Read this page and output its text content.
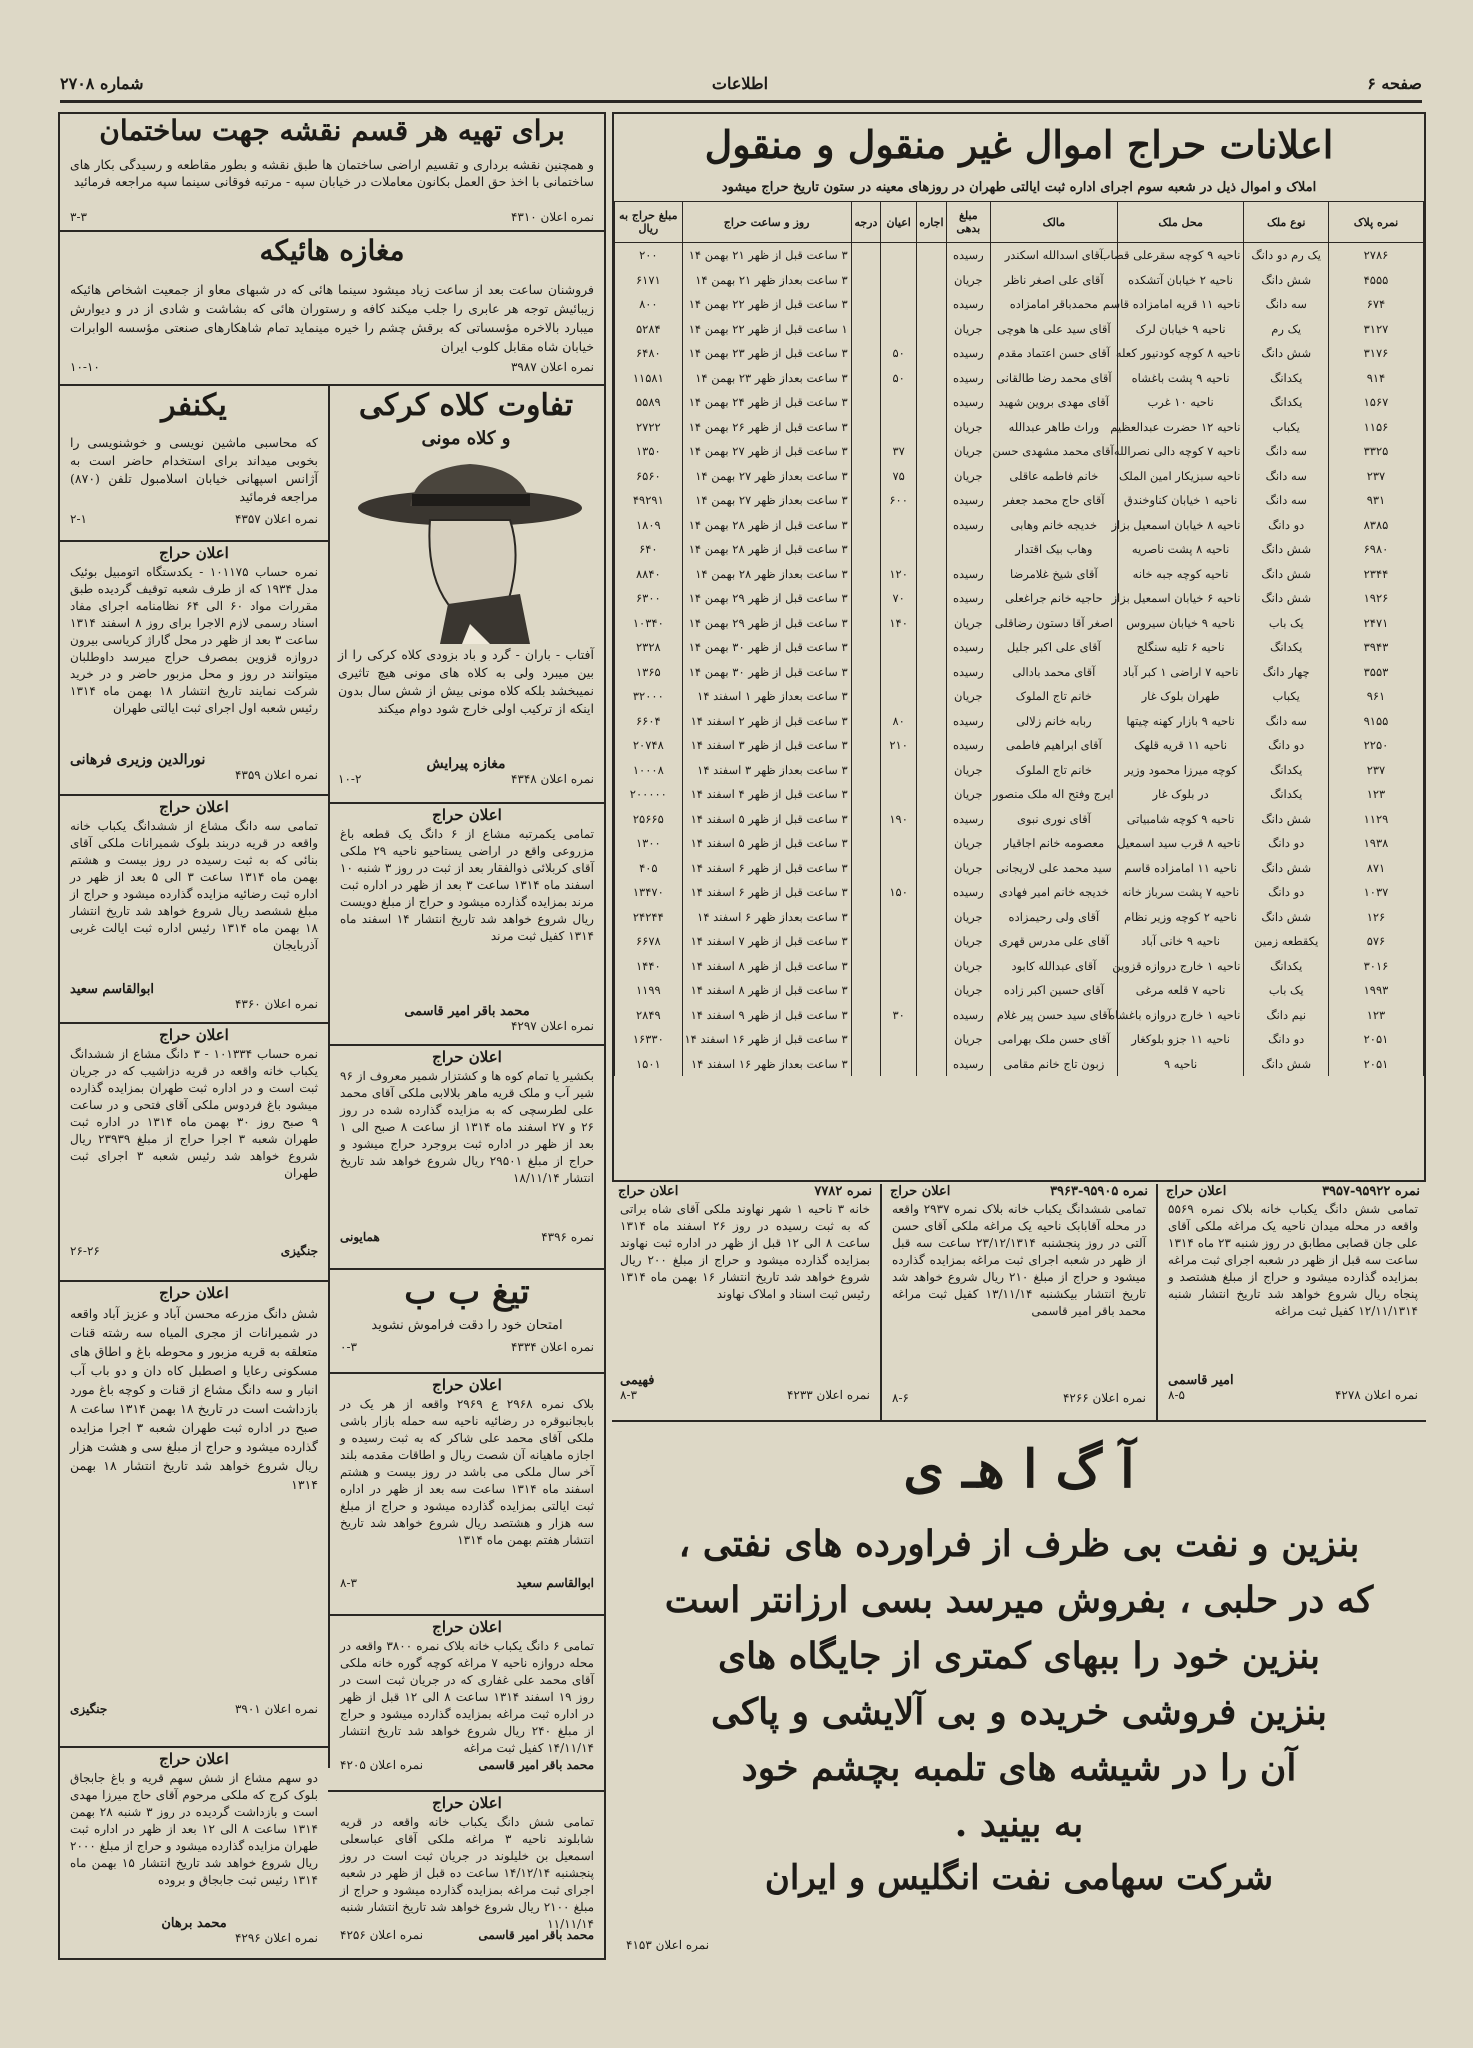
صفحه ۶
اطلاعات
شماره ۲۷۰۸
اعلانات حراج اموال غیر منقول و منقول
املاک و اموال ذیل در شعبه سوم اجرای اداره ثبت ایالتی طهران در روزهای معینه در ستون تاریخ حراج میشود
نمره پلاک	نوع ملک	محل ملک	مالک	مبلغ بدهی	اجاره	اعیان	درجه	روز و ساعت حراج	مبلغ حراج به ریال
۲۷۸۶	یک رم دو دانگ	ناحیه ۹ کوچه سقرعلی قصاب	آقای اسدالله اسکندر	رسیده				۳ ساعت قبل از ظهر ۲۱ بهمن ۱۴	۲۰۰
۴۵۵۵	شش دانگ	ناحیه ۲ خیابان آتشکده	آقای علی اصغر ناظر	جریان				۳ ساعت بعداز ظهر ۲۱ بهمن ۱۴	۶۱۷۱
۶۷۴	سه دانگ	ناحیه ۱۱ قریه امامزاده قاسم	محمدباقر امامزاده	رسیده				۳ ساعت قبل از ظهر ۲۲ بهمن ۱۴	۸۰۰
۳۱۲۷	یک رم	ناحیه ۹ خیابان لرک	آقای سید علی ها هوچی	جریان				۱ ساعت قبل از ظهر ۲۲ بهمن ۱۴	۵۲۸۴
۳۱۷۶	شش دانگ	ناحیه ۸ کوچه کودنیور کعله	آقای حسن اعتماد مقدم	رسیده		۵۰		۳ ساعت قبل از ظهر ۲۳ بهمن ۱۴	۶۴۸۰
۹۱۴	یکدانگ	ناحیه ۹ پشت باغشاه	آقای محمد رضا طالقانی	رسیده		۵۰		۳ ساعت بعداز ظهر ۲۳ بهمن ۱۴	۱۱۵۸۱
۱۵۶۷	یکدانگ	ناحیه ۱۰ غرب	آقای مهدی بروین شهید	رسیده				۳ ساعت قبل از ظهر ۲۴ بهمن ۱۴	۵۵۸۹
۱۱۵۶	یکباب	ناحیه ۱۲ حضرت عبدالعظیم	وراث طاهر عبدالله	جریان				۳ ساعت قبل از ظهر ۲۶ بهمن ۱۴	۲۷۲۲
۳۳۲۵	سه دانگ	ناحیه ۷ کوچه دالی نصرالله	آقای محمد مشهدی حسن	جریان		۳۷		۳ ساعت قبل از ظهر ۲۷ بهمن ۱۴	۱۳۵۰
۲۳۷	سه دانگ	ناحیه سبزیکار امین الملک	خانم فاطمه عاقلی	جریان		۷۵		۳ ساعت بعداز ظهر ۲۷ بهمن ۱۴	۶۵۶۰
۹۳۱	سه دانگ	ناحیه ۱ خیابان کناوخندق	آقای حاج محمد جعفر	رسیده		۶۰۰		۳ ساعت بعداز ظهر ۲۷ بهمن ۱۴	۴۹۲۹۱
۸۳۸۵	دو دانگ	ناحیه ۸ خیابان اسمعیل بزاز	خدیجه خانم وهابی	رسیده				۳ ساعت قبل از ظهر ۲۸ بهمن ۱۴	۱۸۰۹
۶۹۸۰	شش دانگ	ناحیه ۸ پشت ناصریه	وهاب بیک اقتدار					۳ ساعت قبل از ظهر ۲۸ بهمن ۱۴	۶۴۰
۲۳۴۴	شش دانگ	ناحیه کوچه جبه خانه	آقای شیخ غلامرضا	رسیده		۱۲۰		۳ ساعت بعداز ظهر ۲۸ بهمن ۱۴	۸۸۴۰
۱۹۲۶	شش دانگ	ناحیه ۶ خیابان اسمعیل بزاز	حاجیه خانم جراغعلی	رسیده		۷۰		۳ ساعت قبل از ظهر ۲۹ بهمن ۱۴	۶۳۰۰
۲۴۷۱	یک باب	ناحیه ۹ خیابان سیروس	اصغر آقا دستون رضاقلی	جریان		۱۴۰		۳ ساعت قبل از ظهر ۲۹ بهمن ۱۴	۱۰۳۴۰
۳۹۴۳	یکدانگ	ناحیه ۶ تلیه سنگلج	آقای علی اکبر جلیل	رسیده				۳ ساعت قبل از ظهر ۳۰ بهمن ۱۴	۲۳۲۸
۳۵۵۳	چهار دانگ	ناحیه ۷ اراضی ۱ کبر آباد	آقای محمد بادالی	رسیده				۳ ساعت قبل از ظهر ۳۰ بهمن ۱۴	۱۳۶۵
۹۶۱	یکباب	طهران بلوک غار	خانم تاج الملوک	جریان				۳ ساعت بعداز ظهر ۱ اسفند ۱۴	۳۲۰۰۰
۹۱۵۵	سه دانگ	ناحیه ۹ بازار کهنه چیتها	ربابه خانم زلالی	رسیده		۸۰		۳ ساعت قبل از ظهر ۲ اسفند ۱۴	۶۶۰۴
۲۲۵۰	دو دانگ	ناحیه ۱۱ قریه قلهک	آقای ابراهیم فاطمی	رسیده		۲۱۰		۳ ساعت قبل از ظهر ۳ اسفند ۱۴	۲۰۷۴۸
۲۳۷	یکدانگ	کوچه میرزا محمود وزیر	خانم تاج الملوک	جریان				۳ ساعت بعداز ظهر ۳ اسفند ۱۴	۱۰۰۰۸
۱۲۳	یکدانگ	در بلوک غار	ایرج وفتح اله ملک منصور	جریان				۳ ساعت قبل از ظهر ۴ اسفند ۱۴	۲۰۰۰۰۰
۱۱۲۹	شش دانگ	ناحیه ۹ کوچه شامبیاتی	آقای نوری نبوی	رسیده		۱۹۰		۳ ساعت قبل از ظهر ۵ اسفند ۱۴	۲۵۶۶۵
۱۹۳۸	دو دانگ	ناحیه ۸ قرب سید اسمعیل	معصومه خانم اجاقیار	جریان				۳ ساعت قبل از ظهر ۵ اسفند ۱۴	۱۳۰۰
۸۷۱	شش دانگ	ناحیه ۱۱ امامزاده قاسم	سید محمد علی لاریجانی	جریان				۳ ساعت قبل از ظهر ۶ اسفند ۱۴	۴۰۵
۱۰۳۷	دو دانگ	ناحیه ۷ پشت سرباز خانه	خدیجه خانم امیر فهادی	رسیده		۱۵۰		۳ ساعت قبل از ظهر ۶ اسفند ۱۴	۱۳۴۷۰
۱۲۶	شش دانگ	ناحیه ۲ کوچه وزیر نظام	آقای ولی رحیمزاده	جریان				۳ ساعت بعداز ظهر ۶ اسفند ۱۴	۲۴۲۴۴
۵۷۶	یکقطعه زمین	ناحیه ۹ خانی آباد	آقای علی مدرس قهری	جریان				۳ ساعت قبل از ظهر ۷ اسفند ۱۴	۶۶۷۸
۳۰۱۶	یکدانگ	ناحیه ۱ خارج دروازه قزوین	آقای عبدالله کابود	جریان				۳ ساعت قبل از ظهر ۸ اسفند ۱۴	۱۴۴۰
۱۹۹۳	یک باب	ناحیه ۷ قلعه مرغی	آقای حسین اکبر زاده	جریان				۳ ساعت قبل از ظهر ۸ اسفند ۱۴	۱۱۹۹
۱۲۳	نیم دانگ	ناحیه ۱ خارج دروازه باغشاه	آقای سید حسن پیر غلام	رسیده		۳۰		۳ ساعت قبل از ظهر ۹ اسفند ۱۴	۲۸۴۹
۲۰۵۱	دو دانگ	ناحیه ۱۱ جزو بلوکغار	آقای حسن ملک بهرامی	جریان				۳ ساعت قبل از ظهر ۱۶ اسفند ۱۴	۱۶۳۳۰
۲۰۵۱	شش دانگ	ناحیه ۹	زبون تاج خانم مقامی	رسیده				۳ ساعت بعداز ظهر ۱۶ اسفند ۱۴	۱۵۰۱
برای تهیه هر قسم نقشه جهت ساختمان
و همچنین نقشه برداری و تقسیم اراضی ساختمان ها طبق نقشه و بطور مقاطعه و رسیدگی بکار های ساختمانی با اخذ حق العمل بکانون معاملات در خیابان سپه - مرتبه فوقانی سینما سپه مراجعه فرمائید
نمره اعلان ۴۳۱۰
۳-۳
مغازه هائیکه
فروشنان ساعت بعد از ساعت زیاد میشود سینما هائی که در شبهای معاو از جمعیت اشخاص هائیکه زیبائیش توجه هر عابری را جلب میکند کافه و رستوران هائی که بشاشت و شادی از در و دیوارش میبارد بالاخره مؤسساتی که برقش چشم را خیره مینماید تمام شاهکارهای صنعتی مؤسسه الوابرات خیابان شاه مقابل کلوب ایران
نمره اعلان ۳۹۸۷
۱۰-۱۰
تفاوت کلاه کرکی
و کلاه مونی
آفتاب - باران - گرد و باد بزودی کلاه کرکی را از بین میبرد ولی به کلاه های مونی هیچ تاثیری نمیبخشد بلکه کلاه مونی بیش از شش سال بدون اینکه از ترکیب اولی خارج شود دوام میکند
مغازه پیرایش
نمره اعلان ۴۳۴۸
۱۰-۲
یکنفر
که محاسبی ماشین نویسی و خوشنویسی را بخوبی میداند برای استخدام حاضر است به آژانس اسپهانی خیابان اسلامبول تلفن (۸۷۰) مراجعه فرمائید
نمره اعلان ۴۳۵۷
۲-۱
اعلان حراج
نمره حساب ۱۰۱۱۷۵ - یکدستگاه اتومبیل بوئیک مدل ۱۹۳۴ که از طرف شعبه توقیف گردیده طبق مقررات مواد ۶۰ الی ۶۴ نظامنامه اجرای مفاد اسناد رسمی لازم الاجرا برای روز ۸ اسفند ۱۳۱۴ ساعت ۳ بعد از ظهر در محل گاراژ کریاسی بیرون دروازه قزوین بمصرف حراج میرسد داوطلبان میتوانند در روز و محل مزبور حاضر و در خرید شرکت نمایند تاریخ انتشار ۱۸ بهمن ماه ۱۳۱۴ رئیس شعبه اول اجرای ثبت ایالتی طهران
نورالدین وزیری فرهانی
نمره اعلان ۴۳۵۹
اعلان حراج
تمامی یکمرتبه مشاع از ۶ دانگ یک قطعه باغ مزروعی واقع در اراضی یستاحیو ناحیه ۲۹ ملکی آقای کربلائی ذوالفقار بعد از ثبت در روز ۳ شنبه ۱۰ اسفند ماه ۱۳۱۴ ساعت ۳ بعد از ظهر در اداره ثبت مرند بمزایده گذارده میشود و حراج از مبلغ دویست ریال شروع خواهد شد تاریخ انتشار ۱۴ اسفند ماه ۱۳۱۴ کفیل ثبت مرند
محمد باقر امیر قاسمی
نمره اعلان ۴۲۹۷
اعلان حراج
تمامی سه دانگ مشاع از ششدانگ یکباب خانه واقعه در قریه دربند بلوک شمیرانات ملکی آقای بنائی که به ثبت رسیده در روز بیست و هشتم بهمن ماه ۱۳۱۴ ساعت ۳ الی ۵ بعد از ظهر در اداره ثبت رضائیه مزایده گذارده میشود و حراج از مبلغ ششصد ریال شروع خواهد شد تاریخ انتشار ۱۸ بهمن ماه ۱۳۱۴ رئیس اداره ثبت ایالت غربی آذربایجان
ابوالقاسم سعید
نمره اعلان ۴۳۶۰
اعلان حراج
نمره حساب ۱۰۱۳۳۴ - ۳ دانگ مشاع از ششدانگ یکباب خانه واقعه در قریه دزاشیب که در جریان ثبت است و در اداره ثبت طهران بمزایده گذارده میشود باغ فردوس ملکی آقای فتحی و در ساعت ۹ صبح روز ۳۰ بهمن ماه ۱۳۱۴ در اداره ثبت طهران شعبه ۳ اجرا حراج از مبلغ ۲۳۹۳۹ ریال شروع خواهد شد رئیس شعبه ۳ اجرای ثبت طهران
جنگیزی
۲۶-۲۶
اعلان حراج
بکشیر یا تمام کوه ها و کشتزار شمیر معروف از ۹۶ شیر آب و ملک قریه ماهر بلالابی ملکی آقای محمد علی لطرسچی که به مزایده گذارده شده در روز ۲۶ و ۲۷ اسفند ماه ۱۳۱۴ از ساعت ۸ صبح الی ۱ بعد از ظهر در اداره ثبت بروجرد حراج میشود و حراج از مبلغ ۲۹۵۰۱ ریال شروع خواهد شد تاریخ انتشار ۱۸/۱۱/۱۴
نمره ۴۳۹۶
همایونی
تیغ ب ب
امتحان خود را دقت فراموش نشوید
نمره اعلان ۴۳۳۴
۰-۳
اعلان حراج
شش دانگ مزرعه محسن آباد و عزیز آباد واقعه در شمیرانات از مجری المیاه سه رشته قنات متعلقه به قریه مزبور و محوطه باغ و اطاق های مسکونی رعایا و اصطبل کاه دان و دو باب آب انبار و سه دانگ مشاع از قنات و کوچه باغ مورد بازداشت است در تاریخ ۱۸ بهمن ۱۳۱۴ ساعت ۸ صبح در اداره ثبت طهران شعبه ۳ اجرا مزایده گذارده میشود و حراج از مبلغ سی و هشت هزار ریال شروع خواهد شد تاریخ انتشار ۱۸ بهمن ۱۳۱۴
نمره اعلان ۳۹۰۱
جنگیزی
اعلان حراج
بلاک نمره ۲۹۶۸ ع ۲۹۶۹ واقعه از هر یک در بابجانبوقره در رضائیه ناحیه سه حمله بازار باشی ملکی آقای محمد علی شاکر که به ثبت رسیده و اجازه ماهیانه آن شصت ریال و اطاقات مقدمه بلند آخر سال ملکی می باشد در روز بیست و هشتم اسفند ماه ۱۳۱۴ ساعت سه بعد از ظهر در اداره ثبت ایالتی بمزایده گذارده میشود و حراج از مبلغ سه هزار و هشتصد ریال شروع خواهد شد تاریخ انتشار هفتم بهمن ماه ۱۳۱۴
ابوالقاسم سعید
۸-۳
اعلان حراج
تمامی ۶ دانگ یکباب خانه بلاک نمره ۳۸۰۰ واقعه در محله دروازه ناحیه ۷ مراغه کوچه گوره خانه ملکی آقای محمد علی غفاری که در جریان ثبت است در روز ۱۹ اسفند ۱۳۱۴ ساعت ۸ الی ۱۲ قبل از ظهر در اداره ثبت مراغه بمزایده گذارده میشود و حراج از مبلغ ۲۴۰ ریال شروع خواهد شد تاریخ انتشار ۱۴/۱۱/۱۴ کفیل ثبت مراغه
محمد باقر امیر قاسمی
نمره اعلان ۴۲۰۵
اعلان حراج
دو سهم مشاع از شش سهم قریه و باغ جابجاق بلوک کرج که ملکی مرحوم آقای حاج میرزا مهدی است و بازداشت گردیده در روز ۳ شنبه ۲۸ بهمن ۱۳۱۴ ساعت ۸ الی ۱۲ بعد از ظهر در اداره ثبت طهران مزایده گذارده میشود و حراج از مبلغ ۲۰۰۰ ریال شروع خواهد شد تاریخ انتشار ۱۵ بهمن ماه ۱۳۱۴ رئیس ثبت جابجاق و بروده
محمد برهان
نمره اعلان ۴۲۹۶
اعلان حراج
تمامی شش دانگ یکباب خانه واقعه در قریه شابلوند ناحیه ۳ مراغه ملکی آقای عباسعلی اسمعیل بن خلیلوند در جریان ثبت است در روز پنجشنبه ۱۴/۱۲/۱۴ ساعت ده قبل از ظهر در شعبه اجرای ثبت مراغه بمزایده گذارده میشود و حراج از مبلغ ۲۱۰۰ ریال شروع خواهد شد تاریخ انتشار شنبه ۱۱/۱۱/۱۴
محمد باقر امیر قاسمی
نمره اعلان ۴۲۵۶
نمره ۷۷۸۲
اعلان حراج
خانه ۳ ناحیه ۱ شهر نهاوند ملکی آقای شاه براتی که به ثبت رسیده در روز ۲۶ اسفند ماه ۱۳۱۴ ساعت ۸ الی ۱۲ قبل از ظهر در اداره ثبت نهاوند بمزایده گذارده میشود و حراج از مبلغ ۲۰۰ ریال شروع خواهد شد تاریخ انتشار ۱۶ بهمن ماه ۱۳۱۴ رئیس ثبت اسناد و املاک نهاوند
فهیمی
نمره اعلان ۴۲۳۳
۸-۳
نمره ۹۵۹۰۵-۳۹۶۳
اعلان حراج
تمامی ششدانگ یکباب خانه بلاک نمره ۲۹۳۷ واقعه در محله آقابابک ناحیه یک مراغه ملکی آقای حسن آلتی در روز پنجشنبه ۲۳/۱۲/۱۳۱۴ ساعت سه قبل از ظهر در شعبه اجرای ثبت مراغه بمزایده گذارده میشود و حراج از مبلغ ۲۱۰ ریال شروع خواهد شد تاریخ انتشار بیکشنبه ۱۳/۱۱/۱۴ کفیل ثبت مراغه محمد باقر امیر قاسمی
نمره اعلان ۴۲۶۶
۸-۶
نمره ۹۵۹۲۲-۳۹۵۷
اعلان حراج
تمامی شش دانگ یکباب خانه بلاک نمره ۵۵۶۹ واقعه در محله میدان ناحیه یک مراغه ملکی آقای علی جان قصابی مطابق در روز شنبه ۲۳ ماه ۱۳۱۴ ساعت سه قبل از ظهر در شعبه اجرای ثبت مراغه بمزایده گذارده میشود و حراج از مبلغ هشتصد و پنجاه ریال شروع خواهد شد تاریخ انتشار شنبه ۱۲/۱۱/۱۳۱۴ کفیل ثبت مراغه
امیر قاسمی
نمره اعلان ۴۲۷۸
۸-۵
آ گ ا هـ ی
بنزین و نفت بی ظرف از فراورده های نفتی ،
که در حلبی ، بفروش میرسد بسی ارزانتر است
بنزین خود را ببهای کمتری از جایگاه های
بنزین فروشی خریده و بی آلایشی و پاکی
آن را در شیشه های تلمبه بچشم خود
به بینید .
شرکت سهامی نفت انگلیس و ایران
نمره اعلان ۴۱۵۳
